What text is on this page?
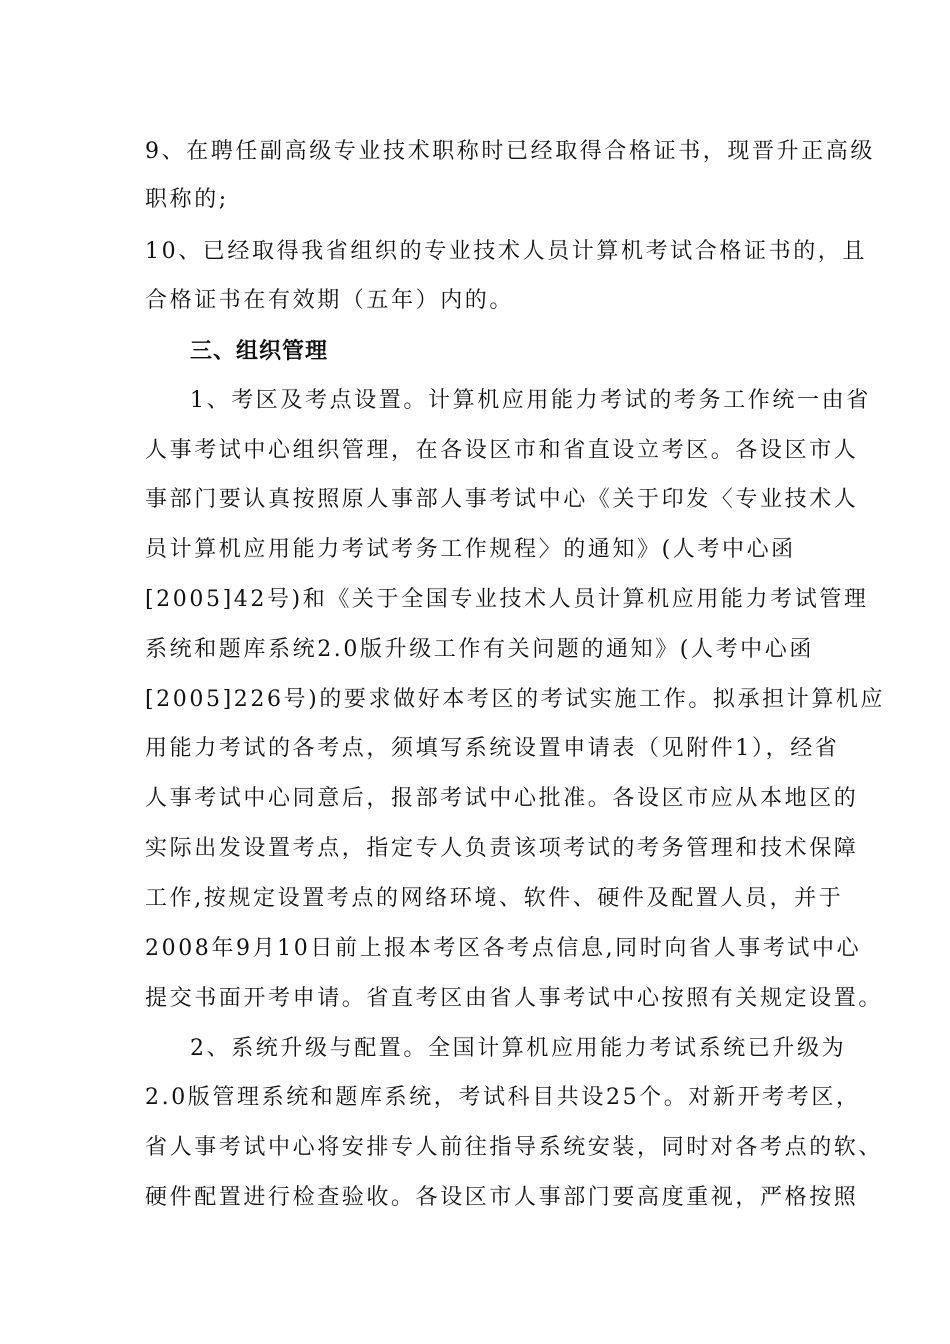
9、在聘任副高级专业技术职称时已经取得合格证书，现晋升正高级
职称的;
10、已经取得我省组织的专业技术人员计算机考试合格证书的，且
合格证书在有效期（五年）内的。
三、组织管理
1、考区及考点设置。计算机应用能力考试的考务工作统一由省
人事考试中心组织管理，在各设区市和省直设立考区。各设区市人
事部门要认真按照原人事部人事考试中心《关于印发〈专业技术人
员计算机应用能力考试考务工作规程〉的通知》(人考中心函
[2005]42号)和《关于全国专业技术人员计算机应用能力考试管理
系统和题库系统2.0版升级工作有关问题的通知》(人考中心函
[2005]226号)的要求做好本考区的考试实施工作。拟承担计算机应
用能力考试的各考点，须填写系统设置申请表（见附件1），经省
人事考试中心同意后，报部考试中心批准。各设区市应从本地区的
实际出发设置考点，指定专人负责该项考试的考务管理和技术保障
工作,按规定设置考点的网络环境、软件、硬件及配置人员，并于
2008年9月10日前上报本考区各考点信息,同时向省人事考试中心
提交书面开考申请。省直考区由省人事考试中心按照有关规定设置。
2、系统升级与配置。全国计算机应用能力考试系统已升级为
2.0版管理系统和题库系统，考试科目共设25个。对新开考考区，
省人事考试中心将安排专人前往指导系统安装，同时对各考点的软、
硬件配置进行检查验收。各设区市人事部门要高度重视，严格按照
